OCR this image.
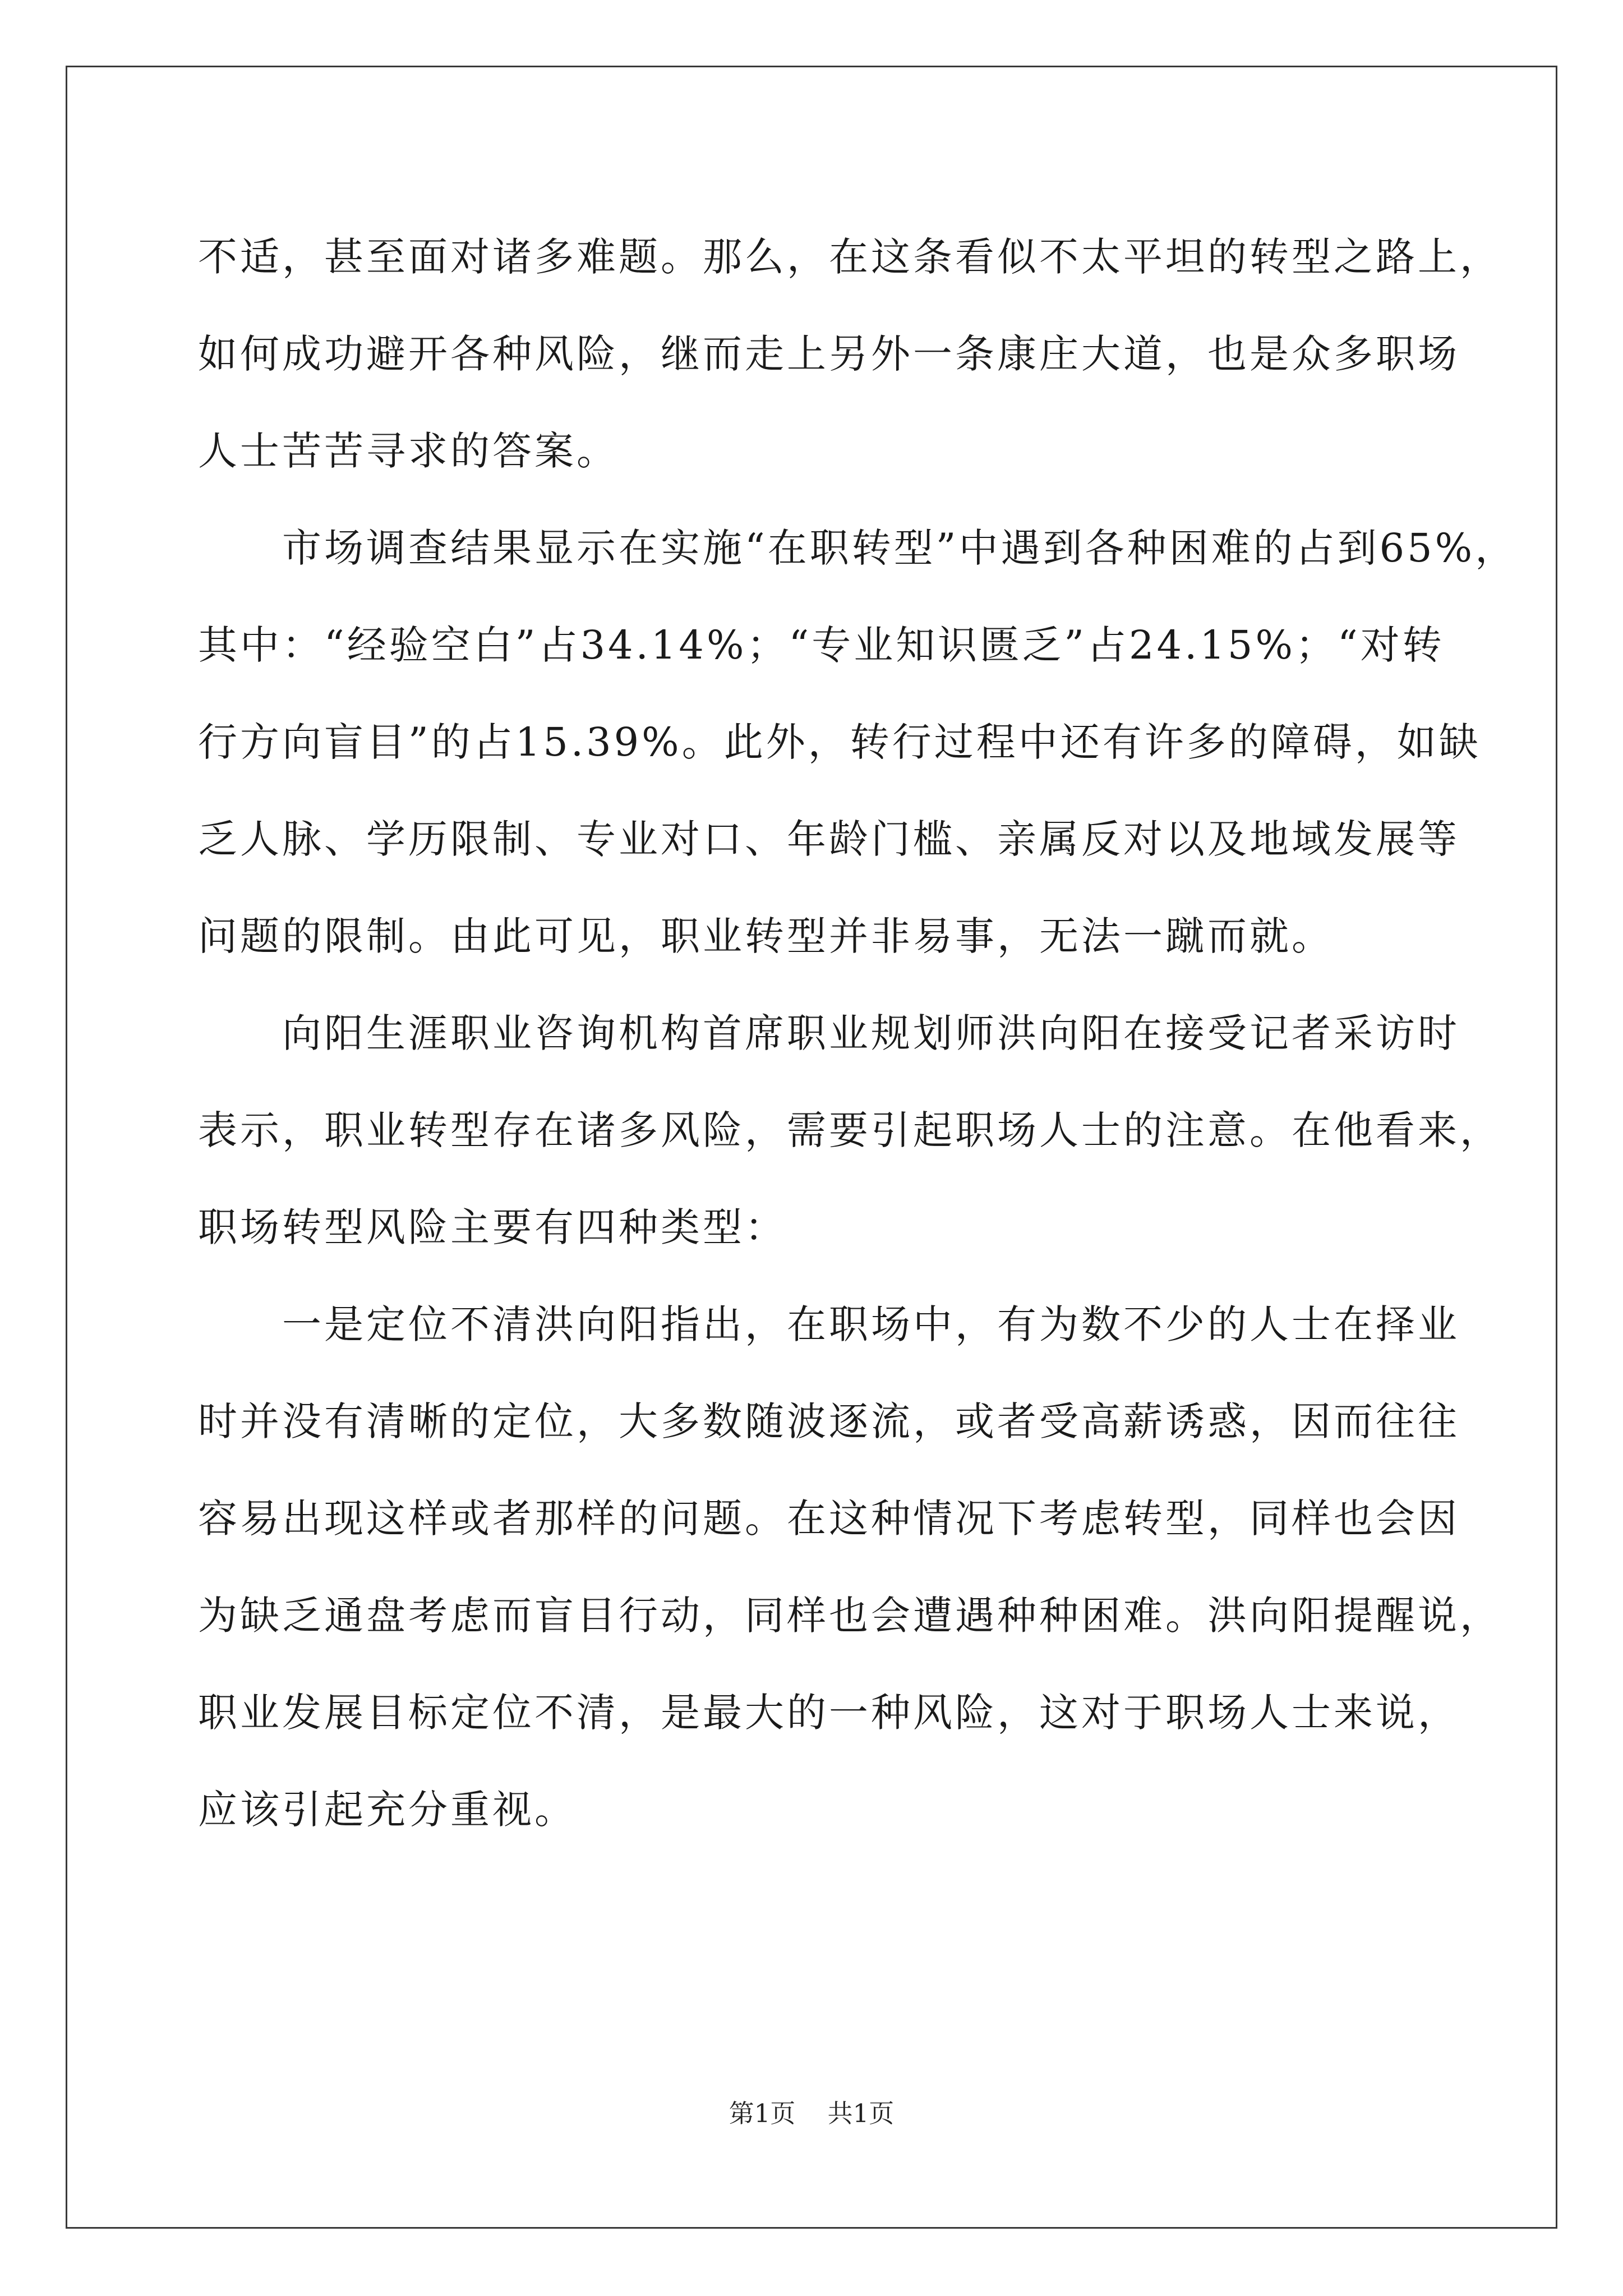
不适，甚至面对诸多难题。那么，在这条看似不太平坦的转型之路上，
如何成功避开各种风险，继而走上另外一条康庄大道，也是众多职场
人士苦苦寻求的答案。
市场调查结果显示在实施“在职转型”中遇到各种困难的占到65%，
其中：“经验空白”占34.14%；“专业知识匮乏”占24.15%；“对转
行方向盲目”的占15.39%。此外，转行过程中还有许多的障碍，如缺
乏人脉、学历限制、专业对口、年龄门槛、亲属反对以及地域发展等
问题的限制。由此可见，职业转型并非易事，无法一蹴而就。
向阳生涯职业咨询机构首席职业规划师洪向阳在接受记者采访时
表示，职业转型存在诸多风险，需要引起职场人士的注意。在他看来，
职场转型风险主要有四种类型：
一是定位不清洪向阳指出，在职场中，有为数不少的人士在择业
时并没有清晰的定位，大多数随波逐流，或者受高薪诱惑，因而往往
容易出现这样或者那样的问题。在这种情况下考虑转型，同样也会因
为缺乏通盘考虑而盲目行动，同样也会遭遇种种困难。洪向阳提醒说，
职业发展目标定位不清，是最大的一种风险，这对于职场人士来说，
应该引起充分重视。
第1页    共1页
